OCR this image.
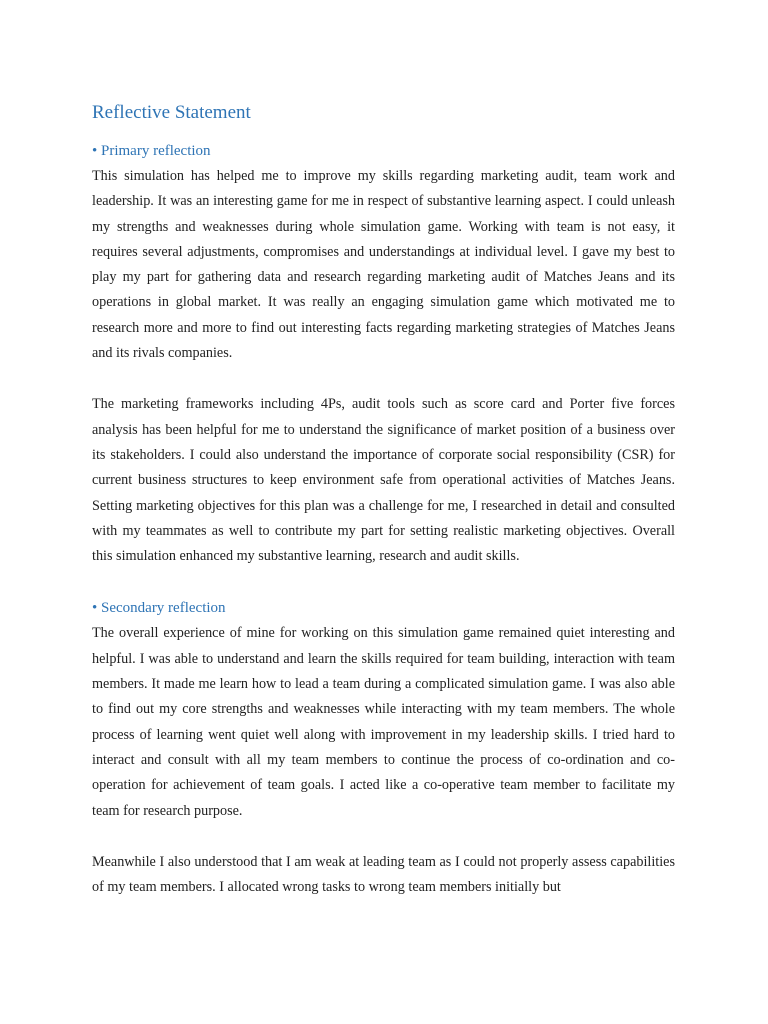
Reflective Statement
• Primary reflection

This simulation has helped me to improve my skills regarding marketing audit, team work and leadership. It was an interesting game for me in respect of substantive learning aspect. I could unleash my strengths and weaknesses during whole simulation game. Working with team is not easy, it requires several adjustments, compromises and understandings at individual level. I gave my best to play my part for gathering data and research regarding marketing audit of Matches Jeans and its operations in global market. It was really an engaging simulation game which motivated me to research more and more to find out interesting facts regarding marketing strategies of Matches Jeans and its rivals companies.

The marketing frameworks including 4Ps, audit tools such as score card and Porter five forces analysis has been helpful for me to understand the significance of market position of a business over its stakeholders. I could also understand the importance of corporate social responsibility (CSR) for current business structures to keep environment safe from operational activities of Matches Jeans. Setting marketing objectives for this plan was a challenge for me, I researched in detail and consulted with my teammates as well to contribute my part for setting realistic marketing objectives. Overall this simulation enhanced my substantive learning, research and audit skills.

• Secondary reflection

The overall experience of mine for working on this simulation game remained quiet interesting and helpful. I was able to understand and learn the skills required for team building, interaction with team members. It made me learn how to lead a team during a complicated simulation game. I was also able to find out my core strengths and weaknesses while interacting with my team members. The whole process of learning went quiet well along with improvement in my leadership skills. I tried hard to interact and consult with all my team members to continue the process of co-ordination and co-operation for achievement of team goals. I acted like a co-operative team member to facilitate my team for research purpose.

Meanwhile I also understood that I am weak at leading team as I could not properly assess capabilities of my team members. I allocated wrong tasks to wrong team members initially but
